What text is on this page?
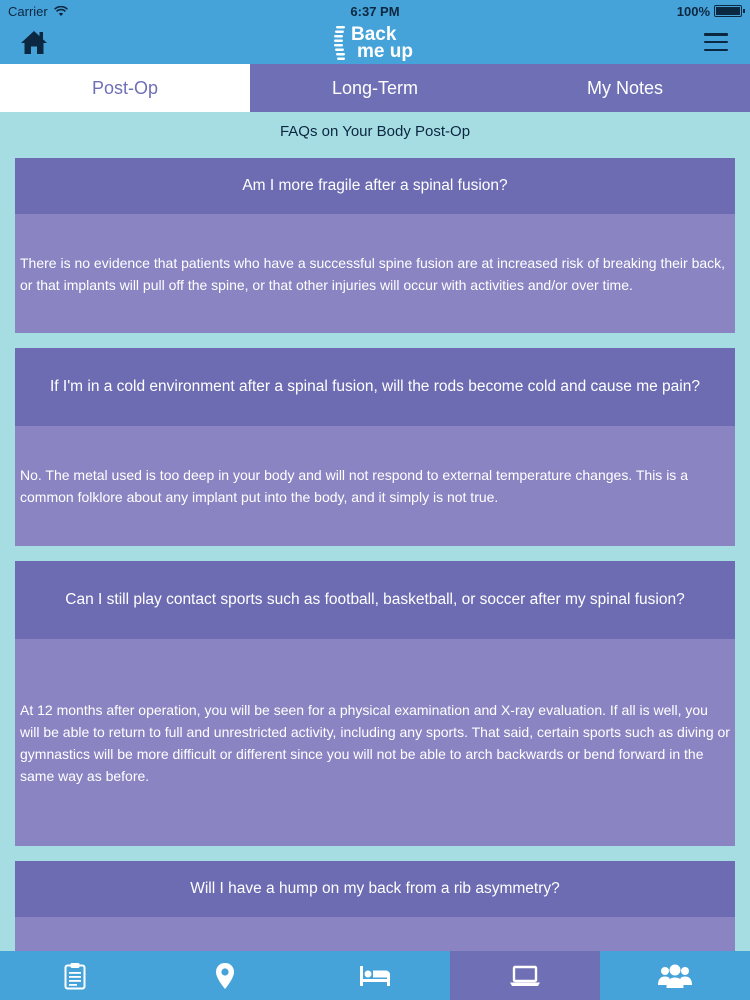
Carrier	6:37 PM	100%
Back
me up
Post-Op	Long-Term	My Notes
FAQs on Your Body Post-Op
Am I more fragile after a spinal fusion?
There is no evidence that patients who have a successful spine fusion are at increased risk of breaking their back, or that implants will pull off the spine, or that other injuries will occur with activities and/or over time.
If I'm in a cold environment after a spinal fusion, will the rods become cold and cause me pain?
No. The metal used is too deep in your body and will not respond to external temperature changes. This is a common folklore about any implant put into the body, and it simply is not true.
Can I still play contact sports such as football, basketball, or soccer after my spinal fusion?
At 12 months after operation, you will be seen for a physical examination and X-ray evaluation. If all is well, you will be able to return to full and unrestricted activity, including any sports. That said, certain sports such as diving or gymnastics will be more difficult or different since you will not be able to arch backwards or bend forward in the same way as before.
Will I have a hump on my back from a rib asymmetry?
